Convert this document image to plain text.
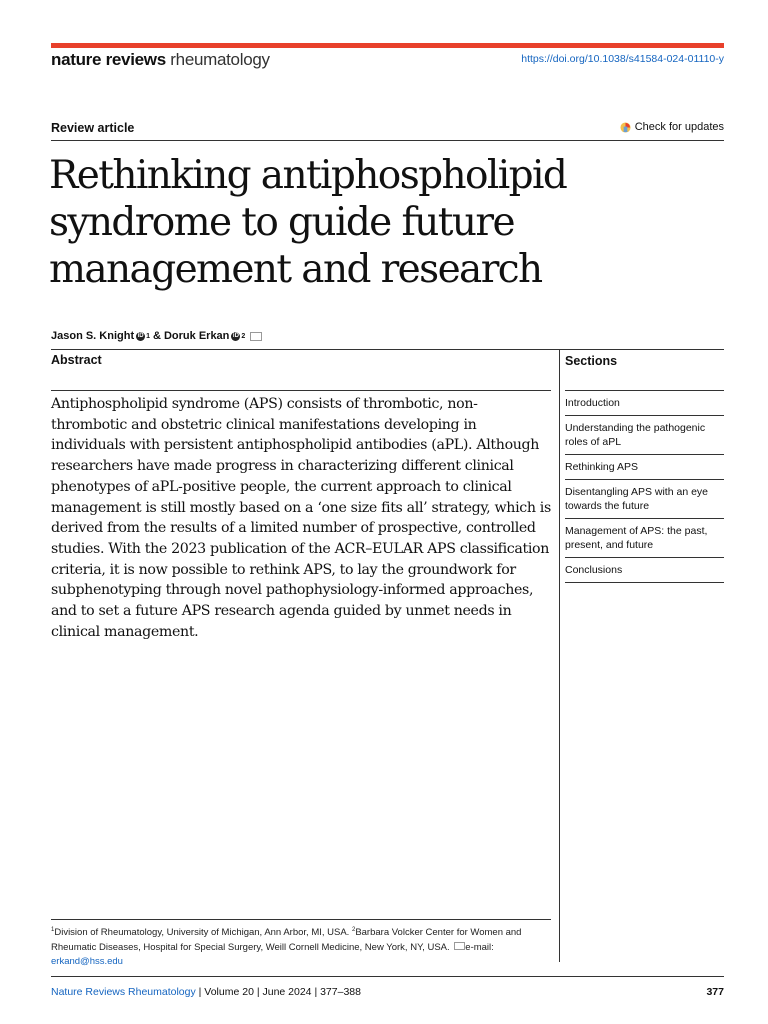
nature reviews rheumatology	https://doi.org/10.1038/s41584-024-01110-y
Review article	Check for updates
Rethinking antiphospholipid syndrome to guide future management and research
Jason S. Knight iD 1 & Doruk Erkan iD 2
Abstract

Antiphospholipid syndrome (APS) consists of thrombotic, non-thrombotic and obstetric clinical manifestations developing in individuals with persistent antiphospholipid antibodies (aPL). Although researchers have made progress in characterizing different clinical phenotypes of aPL-positive people, the current approach to clinical management is still mostly based on a ‘one size fits all’ strategy, which is derived from the results of a limited number of prospective, controlled studies. With the 2023 publication of the ACR–EULAR APS classification criteria, it is now possible to rethink APS, to lay the groundwork for subphenotyping through novel pathophysiology-informed approaches, and to set a future APS research agenda guided by unmet needs in clinical management.

Sections
Introduction
Understanding the pathogenic roles of aPL
Rethinking APS
Disentangling APS with an eye towards the future
Management of APS: the past, present, and future
Conclusions

$^1$Division of Rheumatology, University of Michigan, Ann Arbor, MI, USA. $^2$Barbara Volcker Center for Women and Rheumatic Diseases, Hospital for Special Surgery, Weill Cornell Medicine, New York, NY, USA. e-mail: erkand@hss.edu

Nature Reviews Rheumatology | Volume 20 | June 2024 | 377–388	377
